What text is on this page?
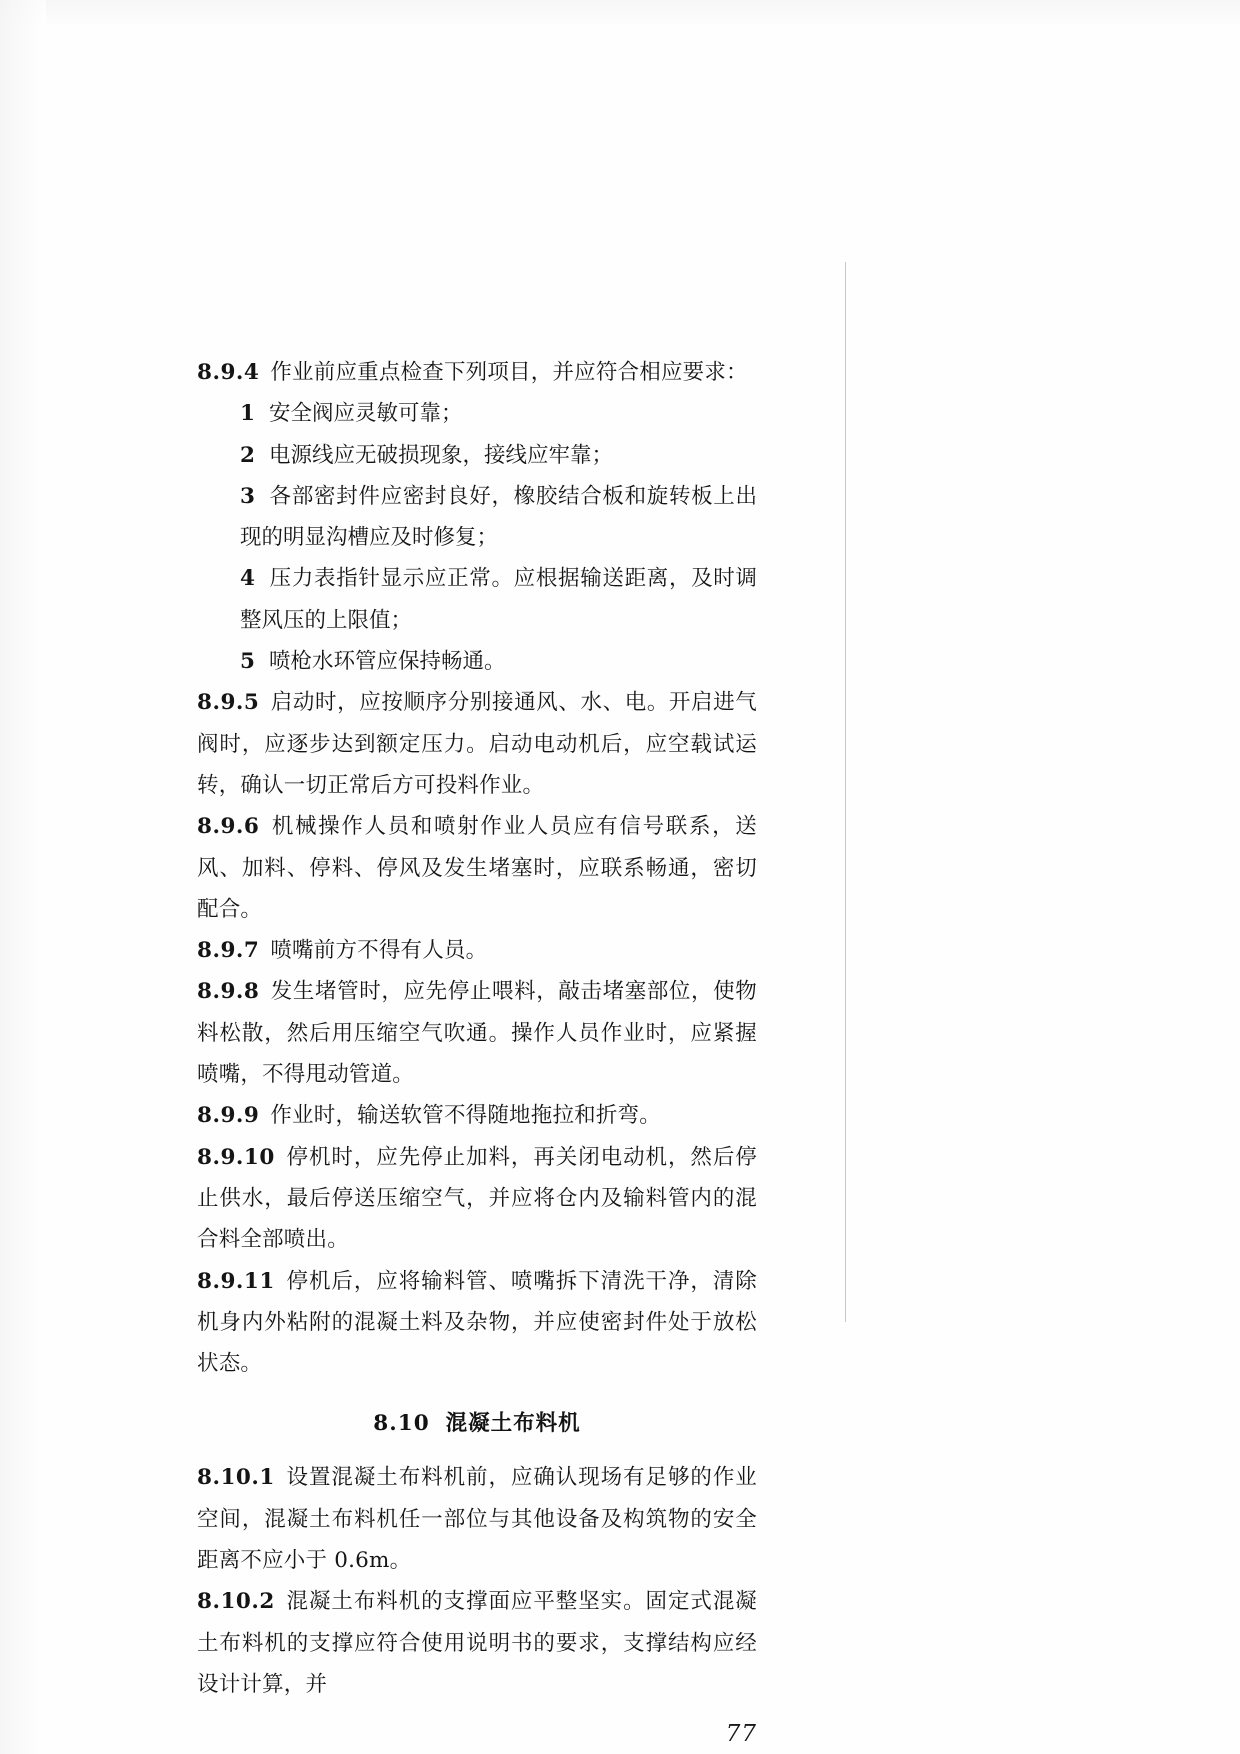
8.9.4 作业前应重点检查下列项目，并应符合相应要求：

1 安全阀应灵敏可靠；

2 电源线应无破损现象，接线应牢靠；

3 各部密封件应密封良好，橡胶结合板和旋转板上出现的明显沟槽应及时修复；

4 压力表指针显示应正常。应根据输送距离，及时调整风压的上限值；

5 喷枪水环管应保持畅通。

8.9.5 启动时，应按顺序分别接通风、水、电。开启进气阀时，应逐步达到额定压力。启动电动机后，应空载试运转，确认一切正常后方可投料作业。

8.9.6 机械操作人员和喷射作业人员应有信号联系，送风、加料、停料、停风及发生堵塞时，应联系畅通，密切配合。

8.9.7 喷嘴前方不得有人员。

8.9.8 发生堵管时，应先停止喂料，敲击堵塞部位，使物料松散，然后用压缩空气吹通。操作人员作业时，应紧握喷嘴，不得甩动管道。

8.9.9 作业时，输送软管不得随地拖拉和折弯。

8.9.10 停机时，应先停止加料，再关闭电动机，然后停止供水，最后停送压缩空气，并应将仓内及输料管内的混合料全部喷出。

8.9.11 停机后，应将输料管、喷嘴拆下清洗干净，清除机身内外粘附的混凝土料及杂物，并应使密封件处于放松状态。

8.10 混凝土布料机

8.10.1 设置混凝土布料机前，应确认现场有足够的作业空间，混凝土布料机任一部位与其他设备及构筑物的安全距离不应小于 0.6m。

8.10.2 混凝土布料机的支撑面应平整坚实。固定式混凝土布料机的支撑应符合使用说明书的要求，支撑结构应经设计计算，并

77
